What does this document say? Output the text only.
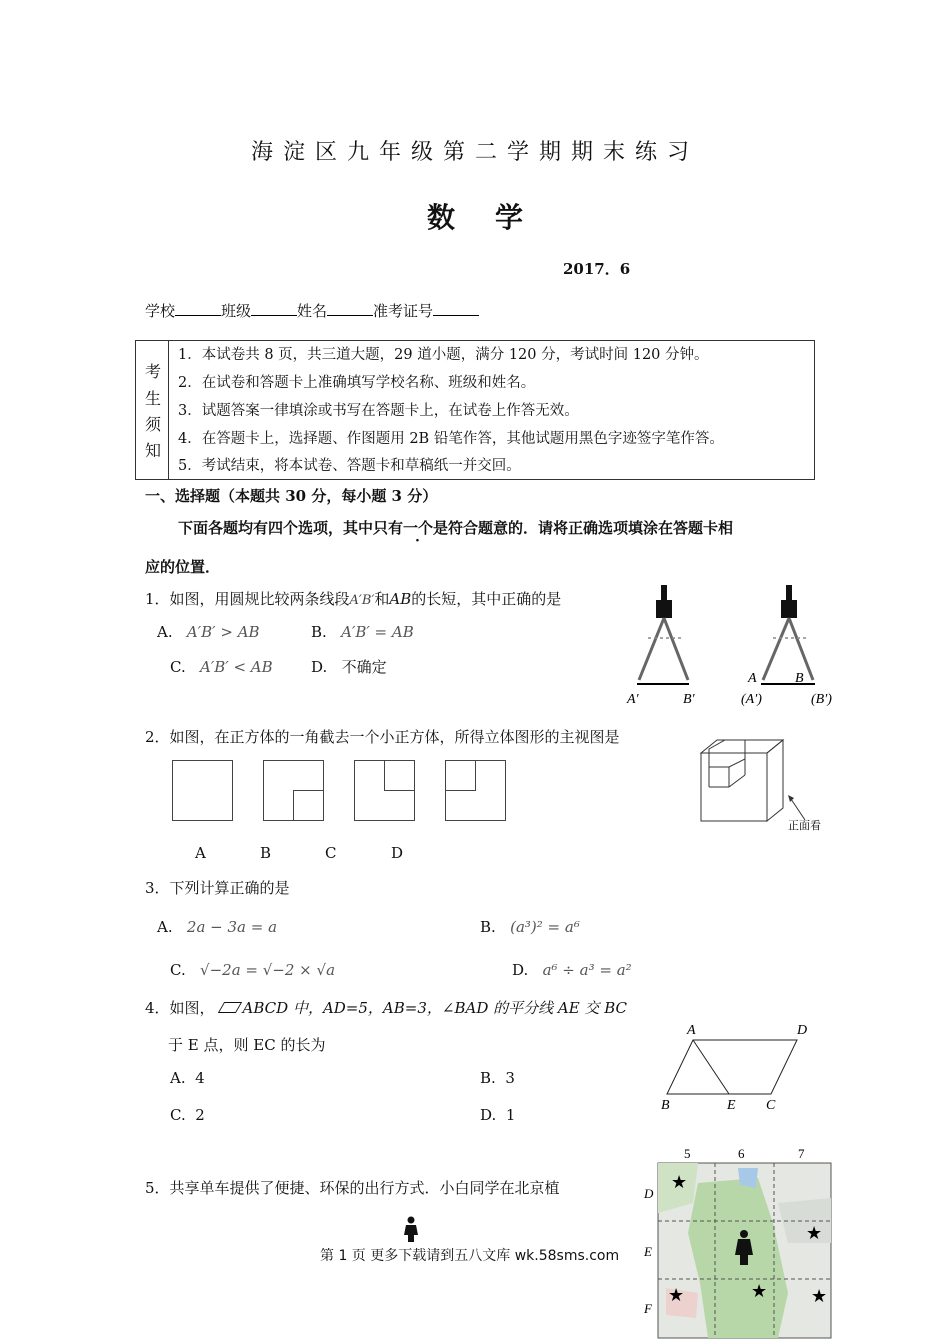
海淀区九年级第二学期期末练习
数学
2017．6
学校	班级	姓名	准考证号
考
生
须
知
1．本试卷共 8 页，共三道大题，29 道小题，满分 120 分，考试时间 120 分钟。
2．在试卷和答题卡上准确填写学校名称、班级和姓名。
3．试题答案一律填涂或书写在答题卡上，在试卷上作答无效。
4．在答题卡上，选择题、作图题用 2B 铅笔作答，其他试题用黑色字迹签字笔作答。
5．考试结束，将本试卷、答题卡和草稿纸一并交回。
一、选择题（本题共 30 分，每小题 3 分）
下面各题均有四个选项，其中只有一个是符合题意的．请将正确选项填涂在答题卡相
应的位置．
1．如图，用圆规比较两条线段A′B′和AB的长短，其中正确的是
A. A′B′ > AB	B. A′B′ = AB
C. A′B′ < AB	D. 不确定
A′	B′
A	B
(A′)	(B′)
2．如图，在正方体的一角截去一个小正方体，所得立体图形的主视图是
A	B	C	D
正面看
3．下列计算正确的是
A. 2a − 3a = a	B. (a³)² = a⁶
C. √−2a = √−2 × √a	D. a⁶ ÷ a³ = a²
4．如图， ABCD 中，AD=5，AB=3，∠BAD 的平分线 AE 交 BC
于 E 点，则 EC 的长为
A. 4	B. 3
C. 2	D. 1
A	D
B	E C
5．共享单车提供了便捷、环保的出行方式．小白同学在北京植
5	6	7
D
E
F
★
★
★	★ ★
第 1 页 更多下载请到五八文库 wk.58sms.com
